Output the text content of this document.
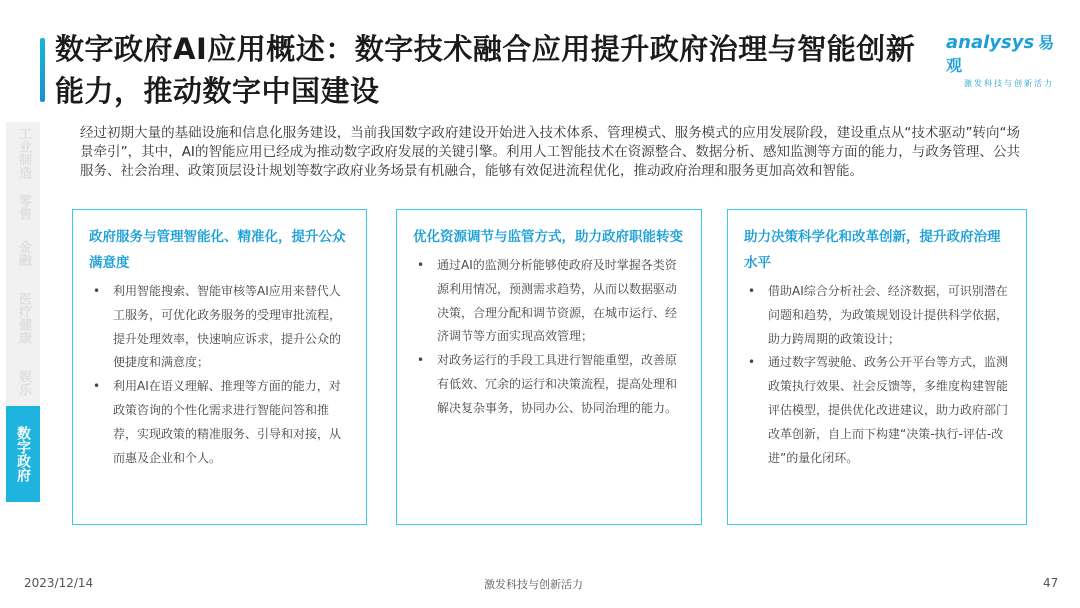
数字政府AI应用概述：数字技术融合应用提升政府治理与智能创新能力，推动数字中国建设
analysys 易观
激发科技与创新活力
工业制造
零售
金融
医疗健康
娱乐
数字政府

经过初期大量的基础设施和信息化服务建设，当前我国数字政府建设开始进入技术体系、管理模式、服务模式的应用发展阶段，建设重点从“技术驱动”转向“场景牵引”，其中，AI的智能应用已经成为推动数字政府发展的关键引擎。利用人工智能技术在资源整合、数据分析、感知监测等方面的能力，与政务管理、公共服务、社会治理、政策顶层设计规划等数字政府业务场景有机融合，能够有效促进流程优化，推动政府治理和服务更加高效和智能。

政府服务与管理智能化、精准化，提升公众满意度
• 利用智能搜索、智能审核等AI应用来替代人工服务，可优化政务服务的受理审批流程，提升处理效率，快速响应诉求，提升公众的便捷度和满意度；
• 利用AI在语义理解、推理等方面的能力，对政策咨询的个性化需求进行智能问答和推荐，实现政策的精准服务、引导和对接，从而惠及企业和个人。
优化资源调节与监管方式，助力政府职能转变
• 通过AI的监测分析能够使政府及时掌握各类资源利用情况，预测需求趋势，从而以数据驱动决策，合理分配和调节资源，在城市运行、经济调节等方面实现高效管理；
• 对政务运行的手段工具进行智能重塑，改善原有低效、冗余的运行和决策流程，提高处理和解决复杂事务，协同办公、协同治理的能力。
助力决策科学化和改革创新，提升政府治理水平
• 借助AI综合分析社会、经济数据，可识别潜在问题和趋势，为政策规划设计提供科学依据，助力跨周期的政策设计；
• 通过数字驾驶舱、政务公开平台等方式，监测政策执行效果、社会反馈等，多维度构建智能评估模型，提供优化改进建议，助力政府部门改革创新，自上而下构建“决策-执行-评估-改进”的量化闭环。
2023/12/14	激发科技与创新活力	47
